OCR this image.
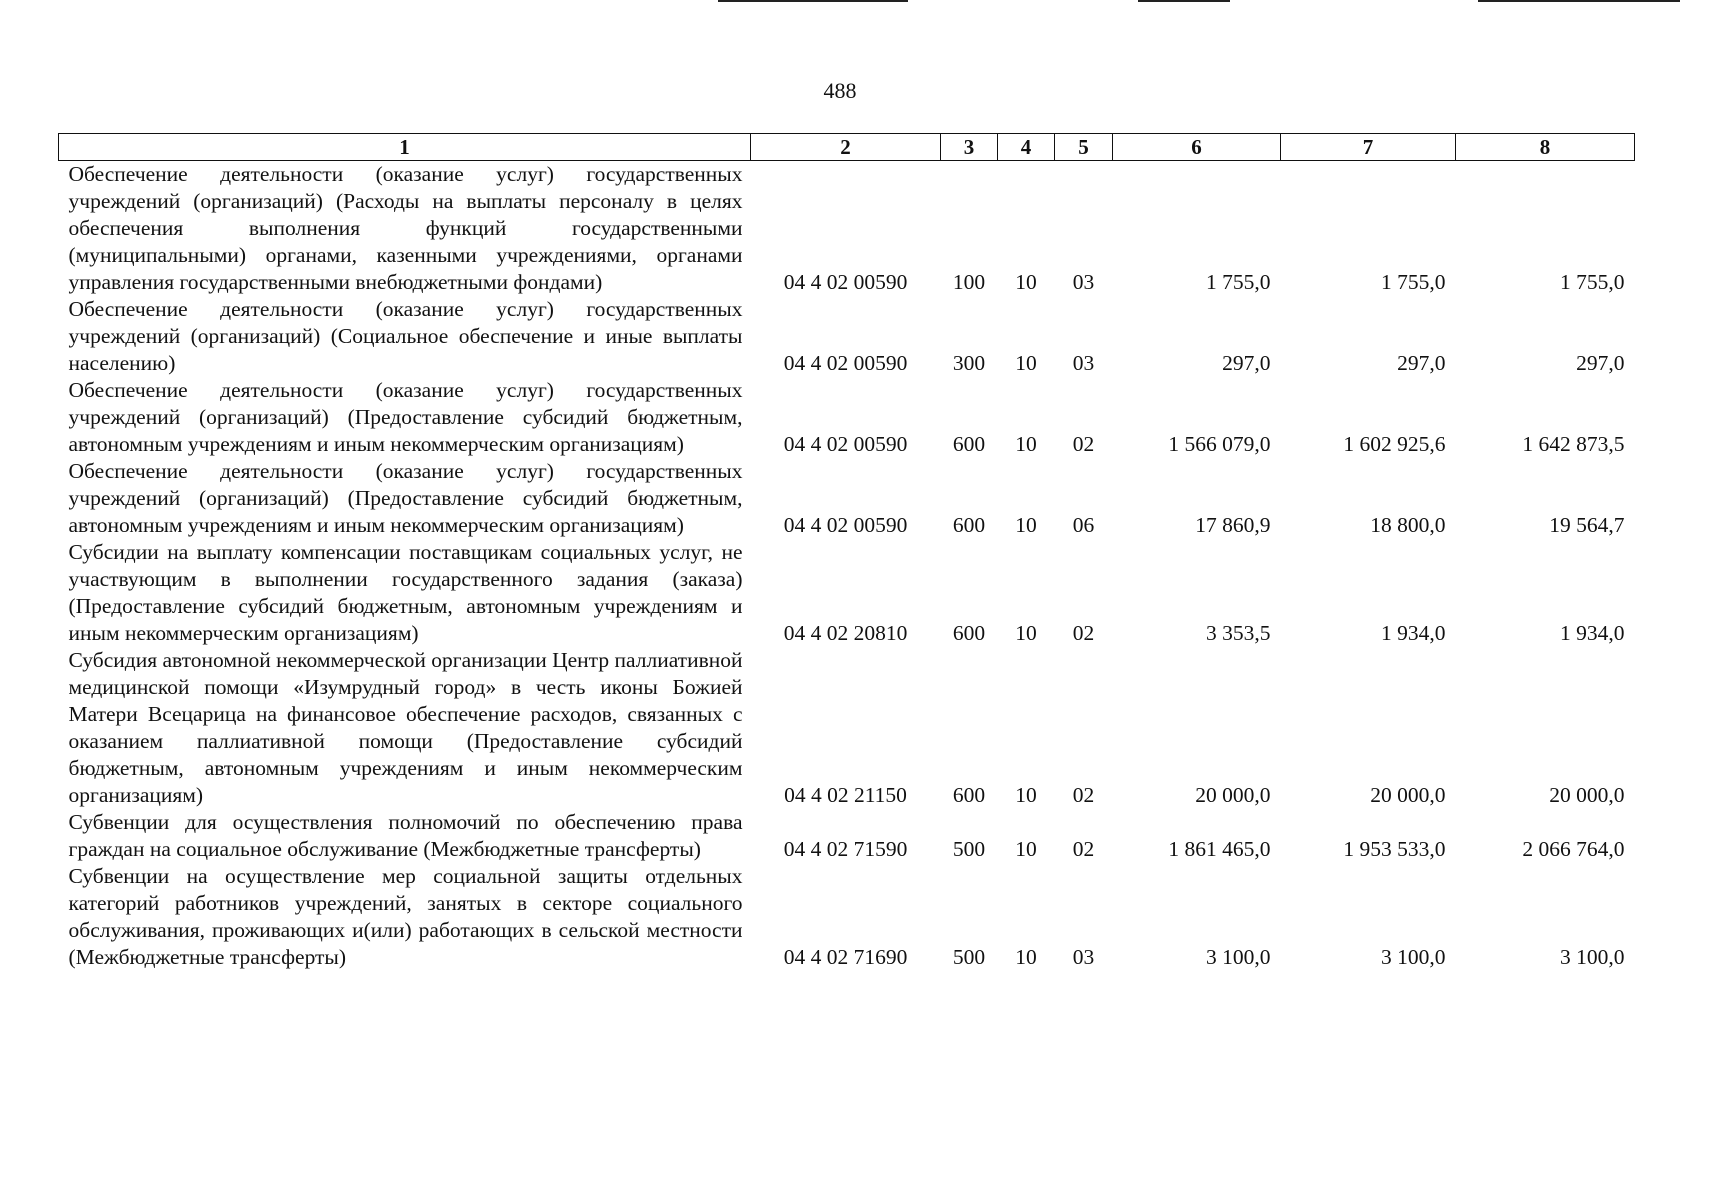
488
1	2	3	4	5	6	7	8
Обеспечение деятельности (оказание услуг) государственных учреждений (организаций) (Расходы на выплаты персоналу в целях обеспечения выполнения функций государственными (муниципальными) органами, казенными учреждениями, органами управления государственными внебюджетными фондами)	04 4 02 00590	100	10	03	1 755,0	1 755,0	1 755,0
Обеспечение деятельности (оказание услуг) государственных учреждений (организаций) (Социальное обеспечение и иные выплаты населению)	04 4 02 00590	300	10	03	297,0	297,0	297,0
Обеспечение деятельности (оказание услуг) государственных учреждений (организаций) (Предоставление субсидий бюджетным, автономным учреждениям и иным некоммерческим организациям)	04 4 02 00590	600	10	02	1 566 079,0	1 602 925,6	1 642 873,5
Обеспечение деятельности (оказание услуг) государственных учреждений (организаций) (Предоставление субсидий бюджетным, автономным учреждениям и иным некоммерческим организациям)	04 4 02 00590	600	10	06	17 860,9	18 800,0	19 564,7
Субсидии на выплату компенсации поставщикам социальных услуг, не участвующим в выполнении государственного задания (заказа) (Предоставление субсидий бюджетным, автономным учреждениям и иным некоммерческим организациям)	04 4 02 20810	600	10	02	3 353,5	1 934,0	1 934,0
Субсидия автономной некоммерческой организации Центр паллиативной медицинской помощи «Изумрудный город» в честь иконы Божией Матери Всецарица на финансовое обеспечение расходов, связанных с оказанием паллиативной помощи (Предоставление субсидий бюджетным, автономным учреждениям и иным некоммерческим организациям)	04 4 02 21150	600	10	02	20 000,0	20 000,0	20 000,0
Субвенции для осуществления полномочий по обеспечению права граждан на социальное обслуживание (Межбюджетные трансферты)	04 4 02 71590	500	10	02	1 861 465,0	1 953 533,0	2 066 764,0
Субвенции на осуществление мер социальной защиты отдельных категорий работников учреждений, занятых в секторе социального обслуживания, проживающих и(или) работающих в сельской местности (Межбюджетные трансферты)	04 4 02 71690	500	10	03	3 100,0	3 100,0	3 100,0
